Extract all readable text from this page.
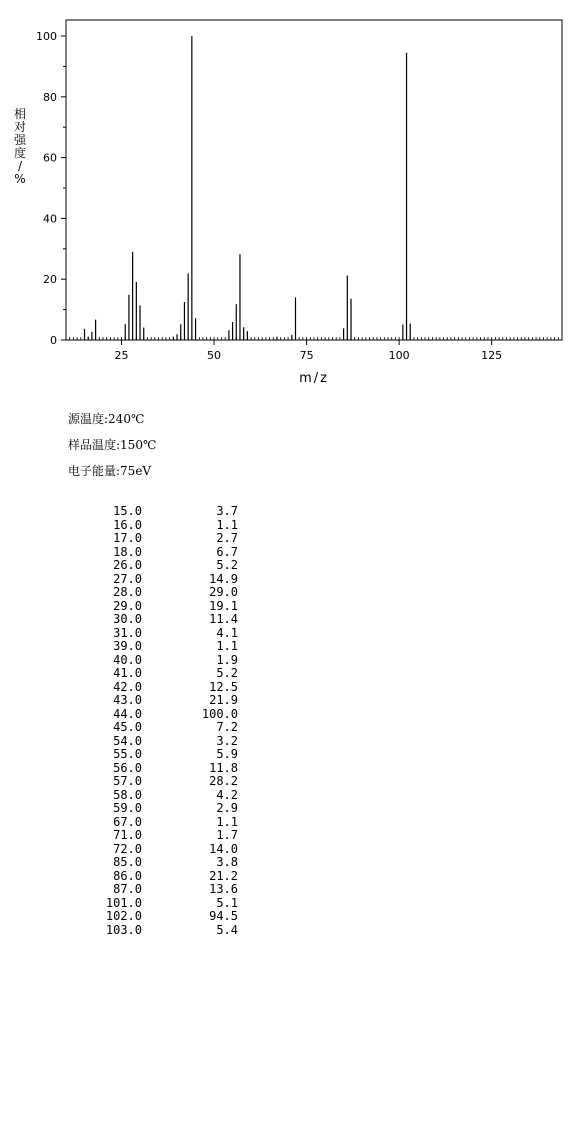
0
20
40
60
80
100
25	50	75	100	125
m/z
相
对
强
度
/
%
源温度:240℃
样品温度:150℃
电子能量:75eV
15.0	3.7
16.0	1.1
17.0	2.7
18.0	6.7
26.0	5.2
27.0	14.9
28.0	29.0
29.0	19.1
30.0	11.4
31.0	4.1
39.0	1.1
40.0	1.9
41.0	5.2
42.0	12.5
43.0	21.9
44.0	100.0
45.0	7.2
54.0	3.2
55.0	5.9
56.0	11.8
57.0	28.2
58.0	4.2
59.0	2.9
67.0	1.1
71.0	1.7
72.0	14.0
85.0	3.8
86.0	21.2
87.0	13.6
101.0	5.1
102.0	94.5
103.0	5.4
